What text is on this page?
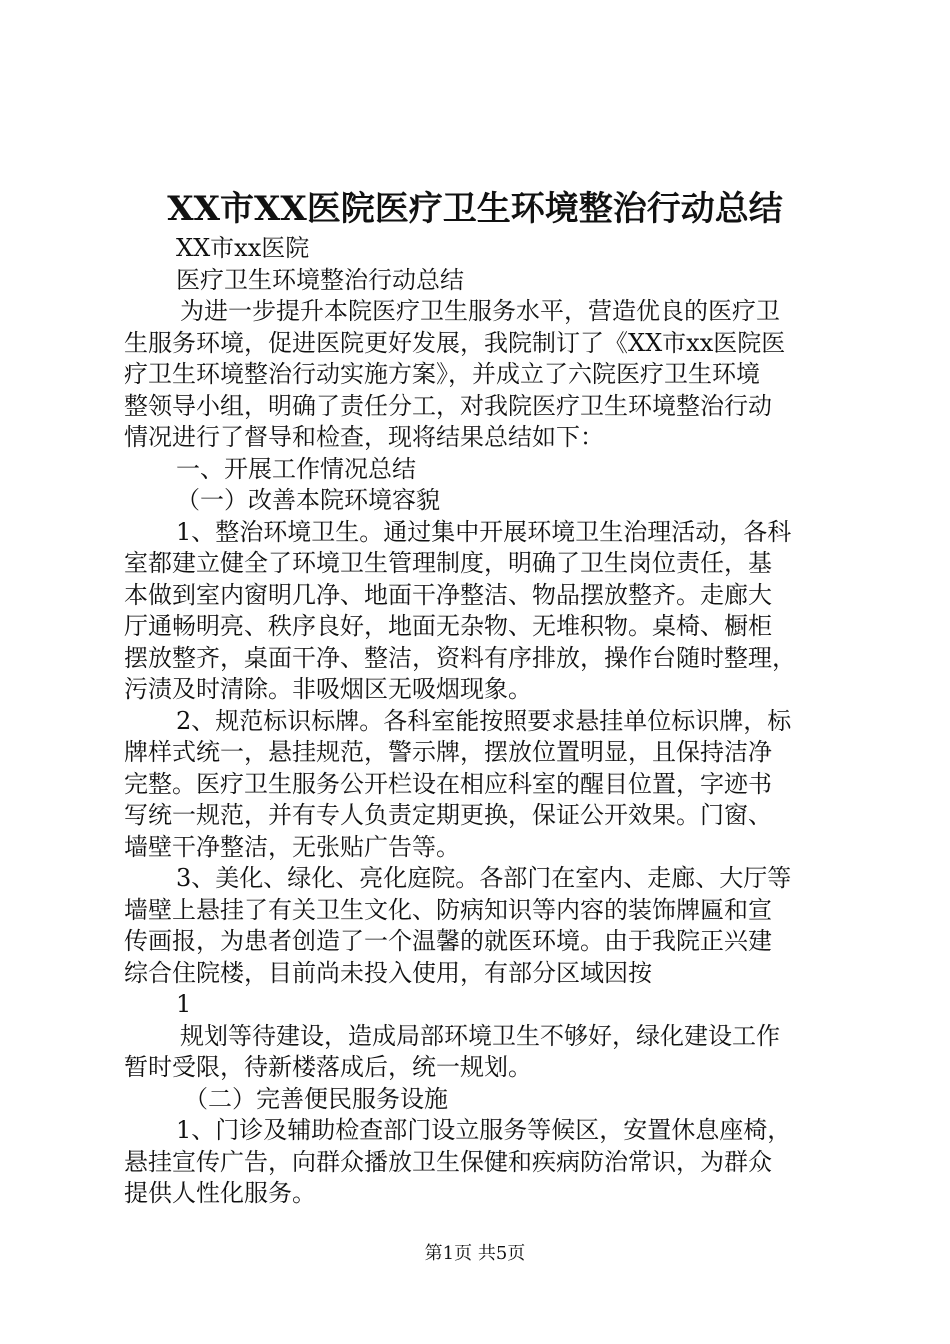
XX市XX医院医疗卫生环境整治行动总结
XX市xx医院
医疗卫生环境整治行动总结
为进一步提升本院医疗卫生服务水平，营造优良的医疗卫
生服务环境，促进医院更好发展，我院制订了《XX市xx医院医
疗卫生环境整治行动实施方案》，并成立了六院医疗卫生环境
整领导小组，明确了责任分工，对我院医疗卫生环境整治行动
情况进行了督导和检查，现将结果总结如下：
一、开展工作情况总结
（一）改善本院环境容貌
1、整治环境卫生。通过集中开展环境卫生治理活动，各科
室都建立健全了环境卫生管理制度，明确了卫生岗位责任，基
本做到室内窗明几净、地面干净整洁、物品摆放整齐。走廊大
厅通畅明亮、秩序良好，地面无杂物、无堆积物。桌椅、橱柜
摆放整齐，桌面干净、整洁，资料有序排放，操作台随时整理，
污渍及时清除。非吸烟区无吸烟现象。
2、规范标识标牌。各科室能按照要求悬挂单位标识牌，标
牌样式统一，悬挂规范，警示牌，摆放位置明显，且保持洁净
完整。医疗卫生服务公开栏设在相应科室的醒目位置，字迹书
写统一规范，并有专人负责定期更换，保证公开效果。门窗、
墙壁干净整洁，无张贴广告等。
3、美化、绿化、亮化庭院。各部门在室内、走廊、大厅等
墙壁上悬挂了有关卫生文化、防病知识等内容的装饰牌匾和宣
传画报，为患者创造了一个温馨的就医环境。由于我院正兴建
综合住院楼，目前尚未投入使用，有部分区域因按
1
规划等待建设，造成局部环境卫生不够好，绿化建设工作
暂时受限，待新楼落成后，统一规划。
（二）完善便民服务设施
1、门诊及辅助检查部门设立服务等候区，安置休息座椅，
悬挂宣传广告，向群众播放卫生保健和疾病防治常识，为群众
提供人性化服务。
第1页 共5页
